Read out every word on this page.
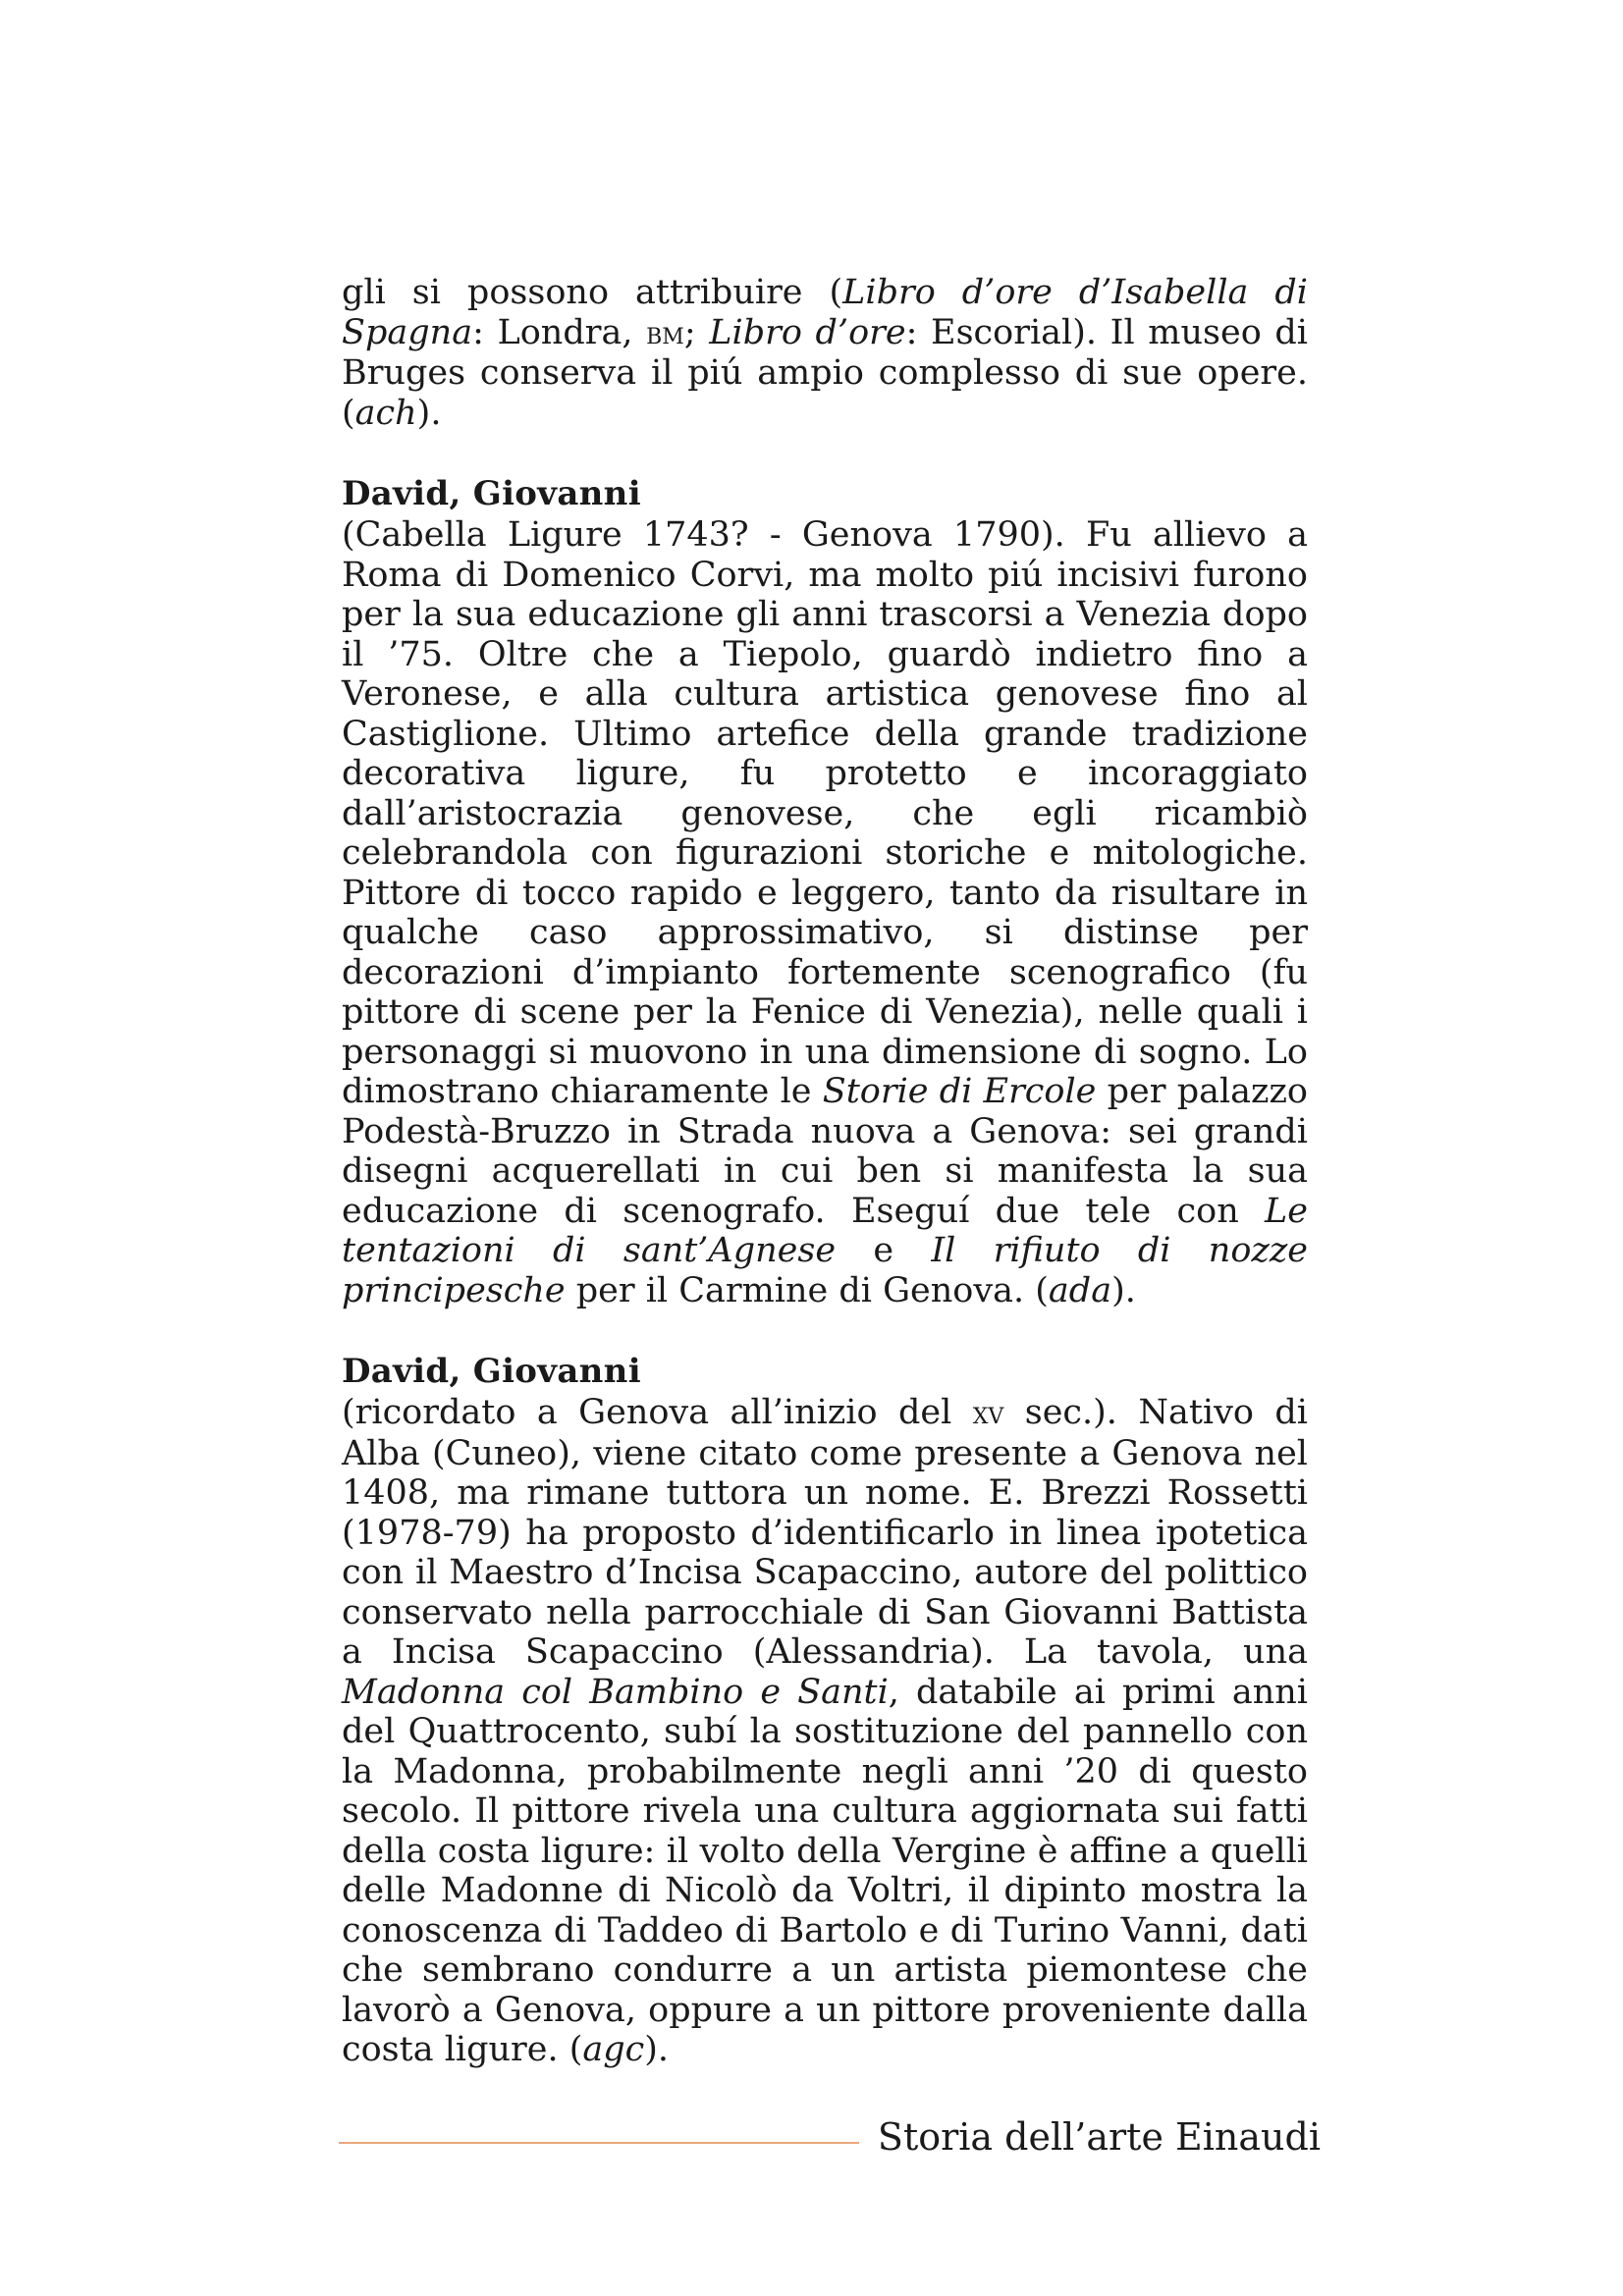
gli si possono attribuire (Libro d’ore d’Isabella di Spagna: Londra, bm; Libro d’ore: Escorial). Il museo di Bruges conserva il piú ampio complesso di sue opere. (ach).

David, Giovanni

(Cabella Ligure 1743? - Genova 1790). Fu allievo a Roma di Domenico Corvi, ma molto piú incisivi furono per la sua educazione gli anni trascorsi a Venezia dopo il ’75. Oltre che a Tiepolo, guardò indietro fino a Veronese, e alla cultura artistica genovese fino al Castiglione. Ultimo artefice della grande tradizione decorativa ligure, fu protetto e incoraggiato dall’aristocrazia genovese, che egli ricambiò celebrandola con figurazioni storiche e mitologiche. Pittore di tocco rapido e leggero, tanto da risultare in qualche caso approssimativo, si distinse per decorazioni d’impianto fortemente scenografico (fu pittore di scene per la Fenice di Venezia), nelle quali i personaggi si muovono in una dimensione di sogno. Lo dimostrano chiaramente le Storie di Ercole per palazzo Podestà-Bruzzo in Strada nuova a Genova: sei grandi disegni acquerellati in cui ben si manifesta la sua educazione di scenografo. Eseguí due tele con Le tentazioni di sant’Agnese e Il rifiuto di nozze principesche per il Carmine di Genova. (ada).

David, Giovanni

(ricordato a Genova all’inizio del xv sec.). Nativo di Alba (Cuneo), viene citato come presente a Genova nel 1408, ma rimane tuttora un nome. E. Brezzi Rossetti (1978-79) ha proposto d’identificarlo in linea ipotetica con il Maestro d’Incisa Scapaccino, autore del polittico conservato nella parrocchiale di San Giovanni Battista a Incisa Scapaccino (Alessandria). La tavola, una Madonna col Bambino e Santi, databile ai primi anni del Quattrocento, subí la sostituzione del pannello con la Madonna, probabilmente negli anni ’20 di questo secolo. Il pittore rivela una cultura aggiornata sui fatti della costa ligure: il volto della Vergine è affine a quelli delle Madonne di Nicolò da Voltri, il dipinto mostra la conoscenza di Taddeo di Bartolo e di Turino Vanni, dati che sembrano condurre a un artista piemontese che lavorò a Genova, oppure a un pittore proveniente dalla costa ligure. (agc).

Storia dell’arte Einaudi
